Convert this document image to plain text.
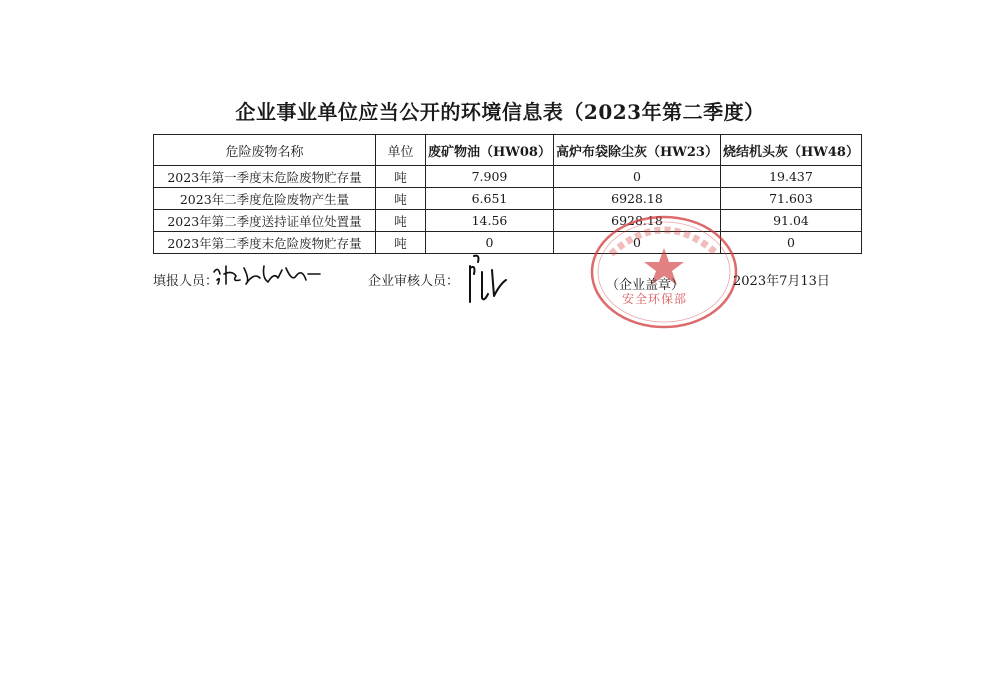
企业事业单位应当公开的环境信息表（2023年第二季度）
危险废物名称	单位	废矿物油（HW08）	高炉布袋除尘灰（HW23）	烧结机头灰（HW48）
2023年第一季度末危险废物贮存量	吨	7.909	0	19.437
2023年二季度危险废物产生量	吨	6.651	6928.18	71.603
2023年第二季度送持证单位处置量	吨	14.56	6928.18	91.04
2023年第二季度末危险废物贮存量	吨	0	0	0
安全环保部
填报人员：	企业审核人员：	（企业盖章）	2023年7月13日
